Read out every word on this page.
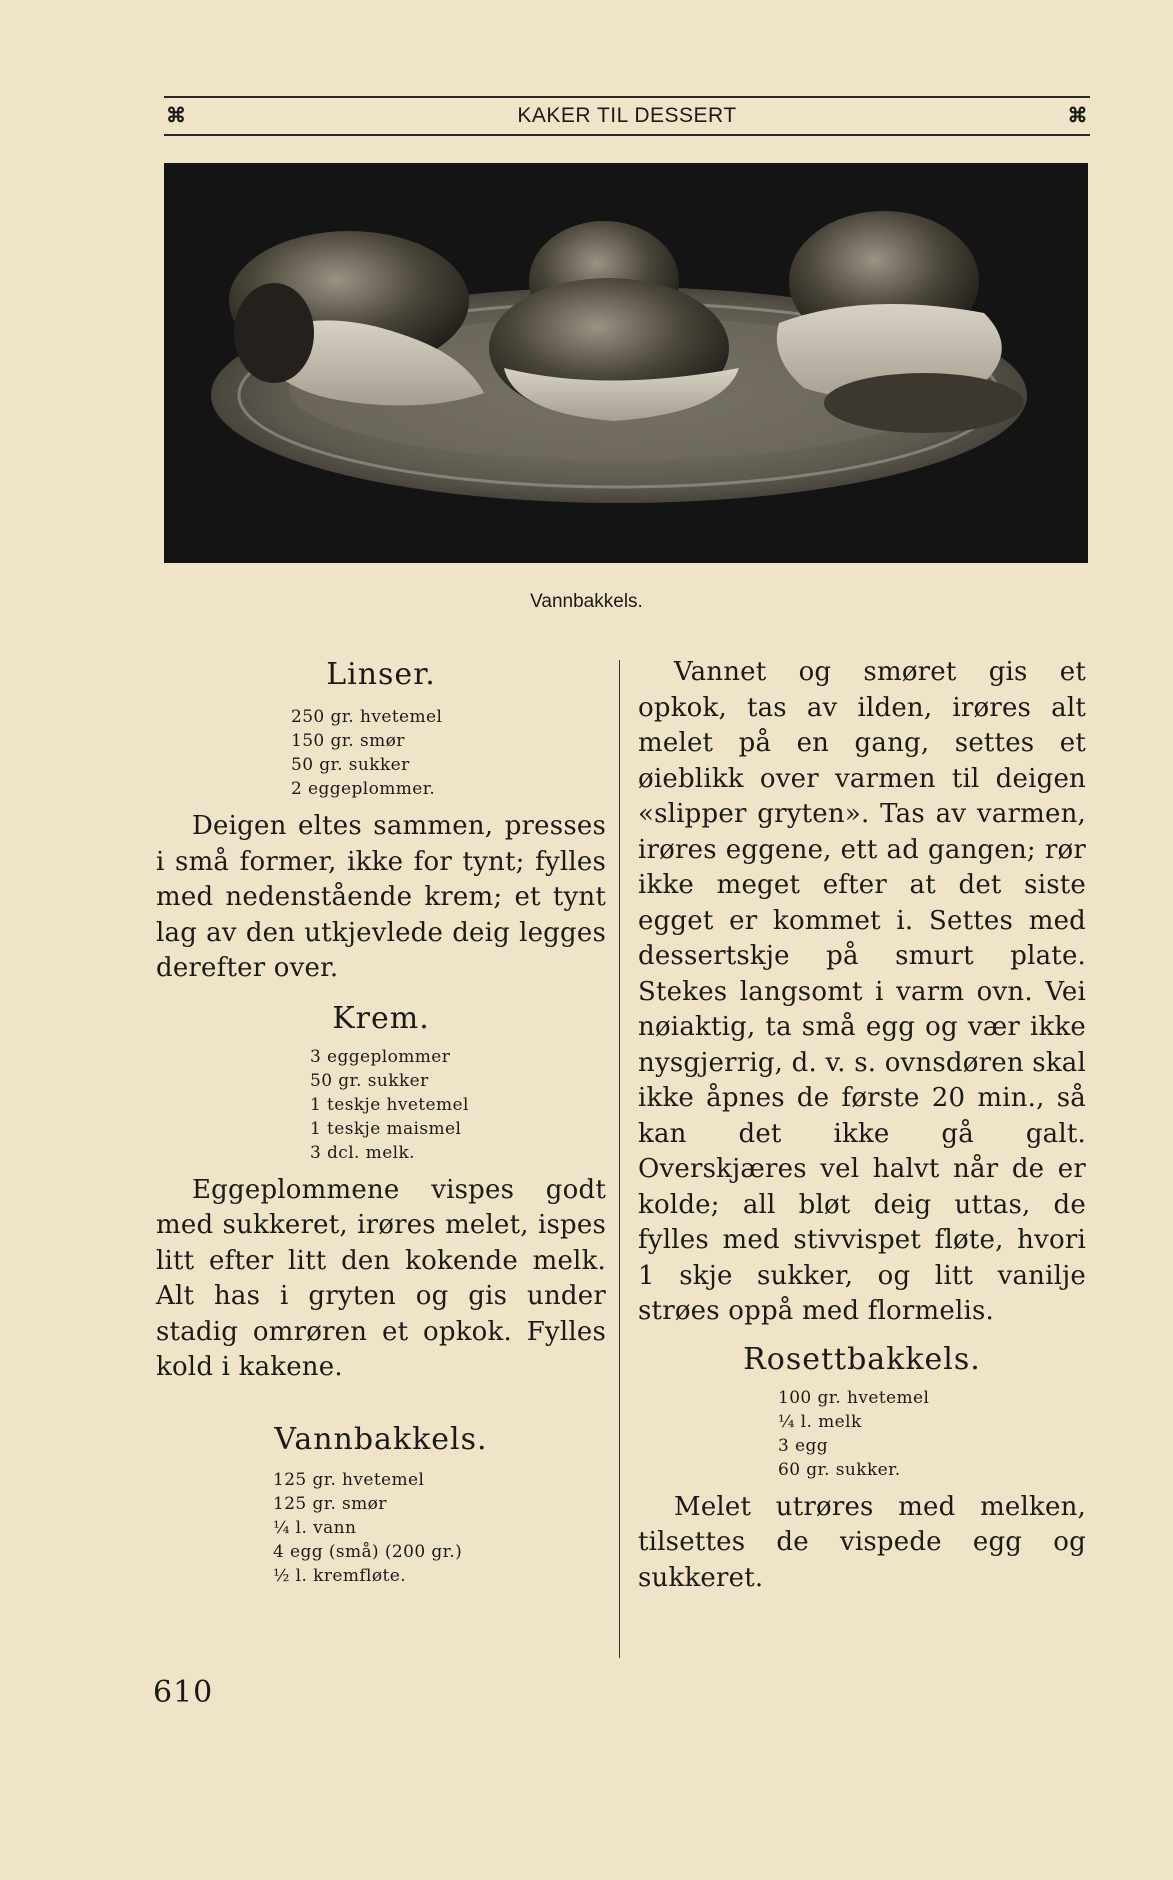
⌘	KAKER TIL DESSERT	⌘
Vannbakkels.
Linser.
250 gr. hvetemel
150 gr. smør
50 gr. sukker
2 eggeplommer.

Deigen eltes sammen, presses i små former, ikke for tynt; fylles med nedenstående krem; et tynt lag av den utkjevlede deig legges derefter over.

Krem.
3 eggeplommer
50 gr. sukker
1 teskje hvetemel
1 teskje maismel
3 dcl. melk.

Eggeplommene vispes godt med sukkeret, irøres melet, ispes litt efter litt den kokende melk. Alt has i gryten og gis under stadig omrøren et opkok. Fylles kold i kakene.

Vannbakkels.
125 gr. hvetemel
125 gr. smør
¼ l. vann
4 egg (små) (200 gr.)
½ l. kremfløte.

Vannet og smøret gis et opkok, tas av ilden, irøres alt melet på en gang, settes et øieblikk over varmen til deigen «slipper gryten». Tas av varmen, irøres eggene, ett ad gangen; rør ikke meget efter at det siste egget er kommet i. Settes med dessertskje på smurt plate. Stekes langsomt i varm ovn. Vei nøiaktig, ta små egg og vær ikke nysgjerrig, d. v. s. ovnsdøren skal ikke åpnes de første 20 min., så kan det ikke gå galt. Overskjæres vel halvt når de er kolde; all bløt deig uttas, de fylles med stivvispet fløte, hvori 1 skje sukker, og litt vanilje strøes oppå med flormelis.

Rosettbakkels.
100 gr. hvetemel
¼ l. melk
3 egg
60 gr. sukker.

Melet utrøres med melken, tilsettes de vispede egg og sukkeret.

610
